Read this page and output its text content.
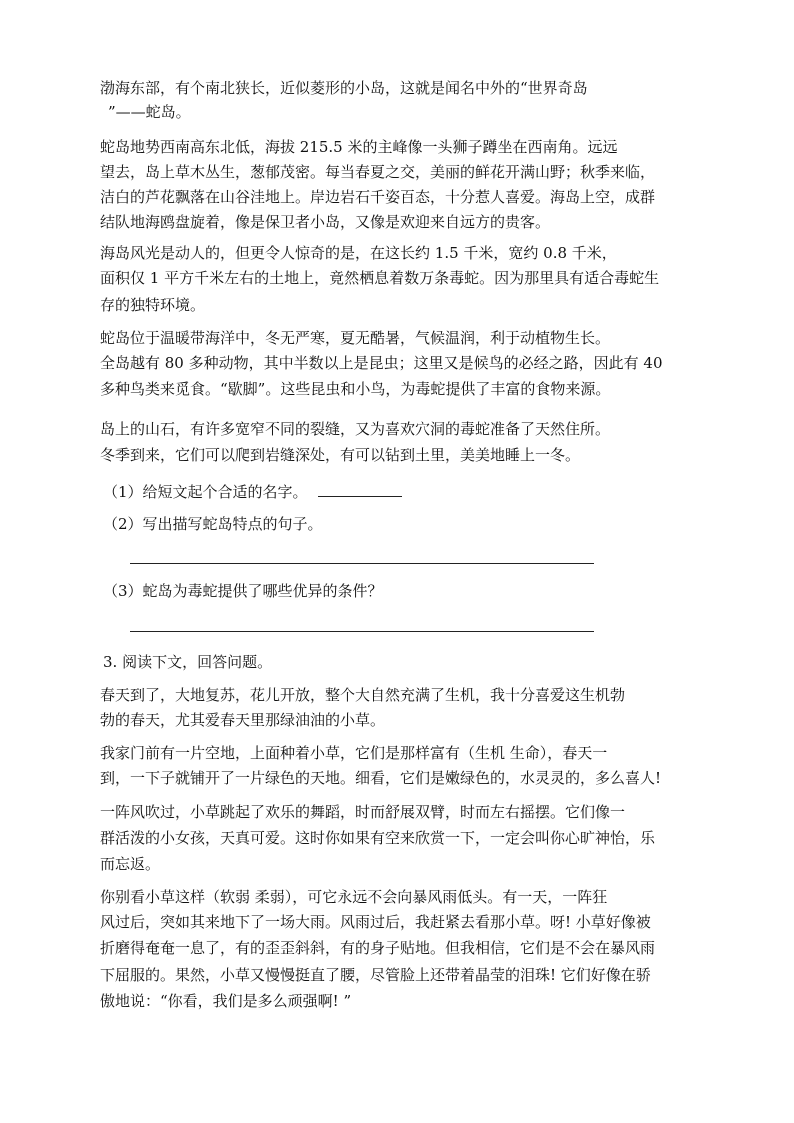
渤海东部，有个南北狭长，近似菱形的小岛，这就是闻名中外的“世界奇岛
”——蛇岛。
蛇岛地势西南高东北低，海拔 215.5 米的主峰像一头狮子蹲坐在西南角。远远
望去，岛上草木丛生，葱郁茂密。每当春夏之交，美丽的鲜花开满山野；秋季来临，
洁白的芦花飘落在山谷洼地上。岸边岩石千姿百态，十分惹人喜爱。海岛上空，成群
结队地海鸥盘旋着，像是保卫者小岛，又像是欢迎来自远方的贵客。
海岛风光是动人的，但更令人惊奇的是，在这长约 1.5 千米，宽约 0.8 千米，
面积仅 1 平方千米左右的土地上，竟然栖息着数万条毒蛇。因为那里具有适合毒蛇生
存的独特环境。
蛇岛位于温暖带海洋中，冬无严寒，夏无酷暑，气候温润，利于动植物生长。
全岛越有 80 多种动物，其中半数以上是昆虫；这里又是候鸟的必经之路，因此有 40
多种鸟类来觅食。“歇脚”。这些昆虫和小鸟，为毒蛇提供了丰富的食物来源。
岛上的山石，有许多宽窄不同的裂缝，又为喜欢穴洞的毒蛇准备了天然住所。
冬季到来，它们可以爬到岩缝深处，有可以钻到土里，美美地睡上一冬。
（1）给短文起个合适的名字。
（2）写出描写蛇岛特点的句子。
（3）蛇岛为毒蛇提供了哪些优异的条件？
3. 阅读下文，回答问题。
春天到了，大地复苏，花儿开放，整个大自然充满了生机，我十分喜爱这生机勃
勃的春天，尤其爱春天里那绿油油的小草。
我家门前有一片空地，上面种着小草，它们是那样富有（生机 生命），春天一
到，一下子就铺开了一片绿色的天地。细看，它们是嫩绿色的，水灵灵的，多么喜人!
一阵风吹过，小草跳起了欢乐的舞蹈，时而舒展双臂，时而左右摇摆。它们像一
群活泼的小女孩，天真可爱。这时你如果有空来欣赏一下，一定会叫你心旷神怡，乐
而忘返。
你别看小草这样（软弱 柔弱），可它永远不会向暴风雨低头。有一天，一阵狂
风过后，突如其来地下了一场大雨。风雨过后，我赶紧去看那小草。呀! 小草好像被
折磨得奄奄一息了，有的歪歪斜斜，有的身子贴地。但我相信，它们是不会在暴风雨
下屈服的。果然，小草又慢慢挺直了腰，尽管脸上还带着晶莹的泪珠! 它们好像在骄
傲地说：“你看，我们是多么顽强啊! ”
